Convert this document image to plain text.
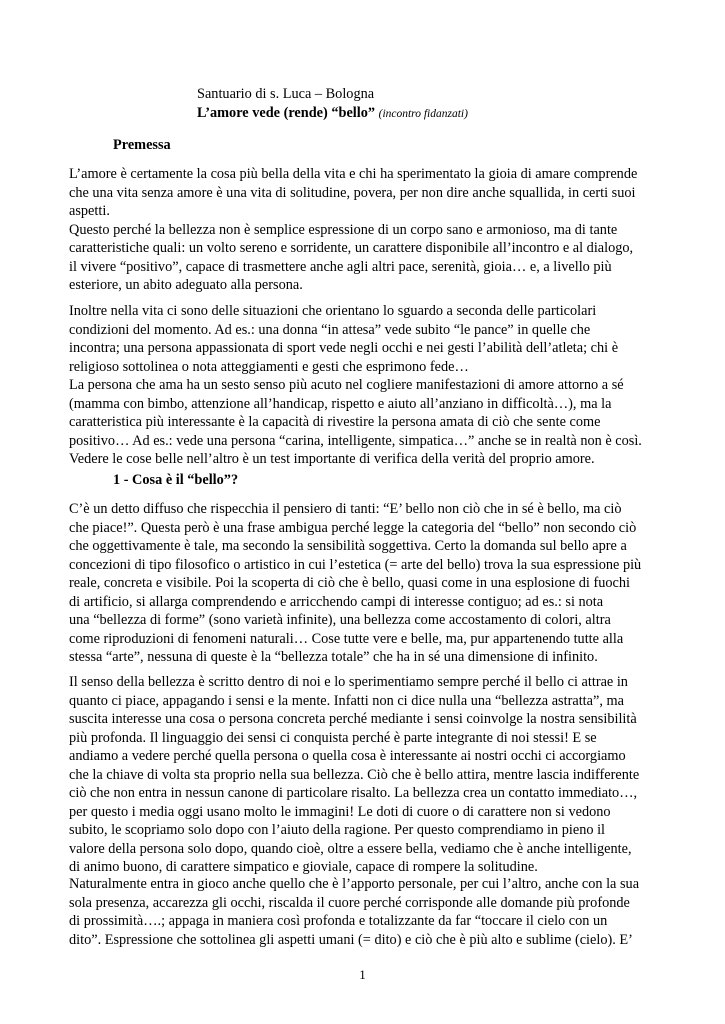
Santuario di s. Luca – Bologna
L’amore vede (rende) “bello” (incontro fidanzati)
Premessa
L’amore è certamente la cosa più bella della vita e chi ha sperimentato la gioia di amare comprende
che una vita senza amore è una vita di solitudine, povera, per non dire anche squallida, in certi suoi
aspetti.
Questo perché la bellezza non è semplice espressione di un corpo sano e armonioso, ma di tante
caratteristiche quali: un volto sereno e sorridente, un carattere disponibile all’incontro e al dialogo,
il vivere “positivo”, capace di trasmettere anche agli altri pace, serenità, gioia… e, a livello più
esteriore, un abito adeguato alla persona.
Inoltre nella vita ci sono delle situazioni che orientano lo sguardo a seconda delle particolari
condizioni del momento. Ad es.: una donna “in attesa” vede subito “le pance” in quelle che
incontra; una persona appassionata di sport vede negli occhi e nei gesti l’abilità dell’atleta; chi è
religioso sottolinea o nota atteggiamenti e gesti che esprimono fede…
La persona che ama ha un sesto senso più acuto nel cogliere manifestazioni di amore attorno a sé
(mamma con bimbo, attenzione all’handicap, rispetto e aiuto all’anziano in difficoltà…), ma la
caratteristica più interessante è la capacità di rivestire la persona amata di ciò che sente come
positivo… Ad es.: vede una persona “carina, intelligente, simpatica…” anche se in realtà non è così.
Vedere le cose belle nell’altro è un test importante di verifica della verità del proprio amore.
1 - Cosa è il “bello”?
C’è un detto diffuso che rispecchia il pensiero di tanti: “E’ bello non ciò che in sé è bello, ma ciò
che piace!”. Questa però è una frase ambigua perché legge la categoria del “bello” non secondo ciò
che oggettivamente è tale, ma secondo la sensibilità soggettiva. Certo la domanda sul bello apre a
concezioni di tipo filosofico o artistico in cui l’estetica (= arte del bello) trova la sua espressione più
reale, concreta e visibile. Poi la scoperta di ciò che è bello, quasi come in una esplosione di fuochi
di artificio, si allarga comprendendo e arricchendo campi di interesse contiguo; ad es.: si nota
una “bellezza di forme” (sono varietà infinite), una bellezza come accostamento di colori, altra
come riproduzioni di fenomeni naturali… Cose tutte vere e belle, ma, pur appartenendo tutte alla
stessa “arte”, nessuna di queste è la “bellezza totale” che ha in sé una dimensione di infinito.
Il senso della bellezza è scritto dentro di noi e lo sperimentiamo sempre perché il bello ci attrae in
quanto ci piace, appagando i sensi e la mente. Infatti non ci dice nulla una “bellezza astratta”, ma
suscita interesse una cosa o persona concreta perché mediante i sensi coinvolge la nostra sensibilità
più profonda. Il linguaggio dei sensi ci conquista perché è parte integrante di noi stessi! E se
andiamo a vedere perché quella persona o quella cosa è interessante ai nostri occhi ci accorgiamo
che la chiave di volta sta proprio nella sua bellezza. Ciò che è bello attira, mentre lascia indifferente
ciò che non entra in nessun canone di particolare risalto. La bellezza crea un contatto immediato…,
per questo i media oggi usano molto le immagini! Le doti di cuore o di carattere non si vedono
subito, le scopriamo solo dopo con l’aiuto della ragione. Per questo comprendiamo in pieno il
valore della persona solo dopo, quando cioè, oltre a essere bella, vediamo che è anche intelligente,
di animo buono, di carattere simpatico e gioviale, capace di rompere la solitudine.
Naturalmente entra in gioco anche quello che è l’apporto personale, per cui l’altro, anche con la sua
sola presenza, accarezza gli occhi, riscalda il cuore perché corrisponde alle domande più profonde
di prossimità….; appaga in maniera così profonda e totalizzante da far “toccare il cielo con un
dito”. Espressione che sottolinea gli aspetti umani (= dito) e ciò che è più alto e sublime (cielo). E’
1
